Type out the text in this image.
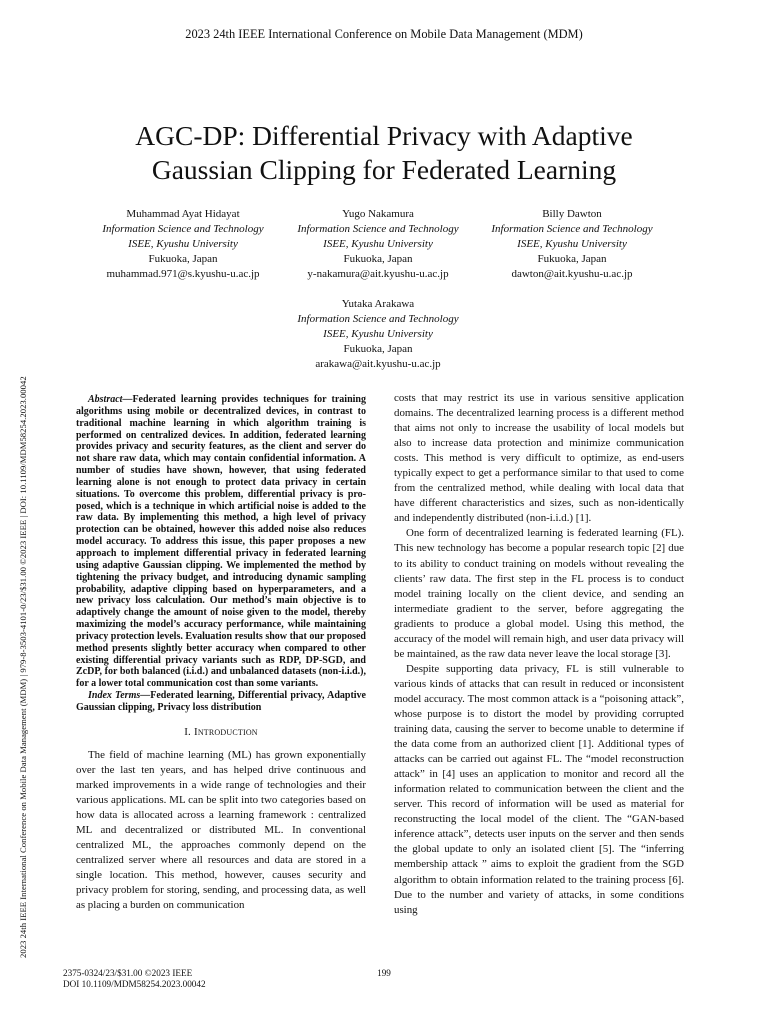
2023 24th IEEE International Conference on Mobile Data Management (MDM)
2023 24th IEEE International Conference on Mobile Data Management (MDM) | 979-8-3503-4101-0/23/$31.00 ©2023 IEEE | DOI: 10.1109/MDM58254.2023.00042
AGC-DP: Differential Privacy with Adaptive
Gaussian Clipping for Federated Learning
Muhammad Ayat Hidayat
Information Science and Technology
ISEE, Kyushu University
Fukuoka, Japan
muhammad.971@s.kyushu-u.ac.jp
Yugo Nakamura
Information Science and Technology
ISEE, Kyushu University
Fukuoka, Japan
y-nakamura@ait.kyushu-u.ac.jp
Billy Dawton
Information Science and Technology
ISEE, Kyushu University
Fukuoka, Japan
dawton@ait.kyushu-u.ac.jp
Yutaka Arakawa
Information Science and Technology
ISEE, Kyushu University
Fukuoka, Japan
arakawa@ait.kyushu-u.ac.jp

Abstract—Federated learning provides techniques for training algorithms using mobile or decentralized devices, in contrast to traditional machine learning in which algorithm training is performed on centralized devices. In addition, federated learning provides privacy and security features, as the client and server do not share raw data, which may contain confidential information. A number of studies have shown, however, that using federated learning alone is not enough to protect data privacy in certain situations. To overcome this problem, differential privacy is proposed, which is a technique in which artificial noise is added to the raw data. By implementing this method, a high level of privacy protection can be obtained, however this added noise also reduces model accuracy. To address this issue, this paper proposes a new approach to implement differential privacy in federated learning using adaptive Gaussian clipping. We implemented the method by tightening the privacy budget, and introducing dynamic sampling probability, adaptive clipping based on hyperparameters, and a new privacy loss calculation. Our method’s main objective is to adaptively change the amount of noise given to the model, thereby maximizing the model’s accuracy performance, while maintaining privacy protection levels. Evaluation results show that our proposed method presents slightly better accuracy when compared to other existing differential privacy variants such as RDP, DP-SGD, and ZcDP, for both balanced (i.i.d.) and unbalanced datasets (non-i.i.d.), for a lower total communication cost than some variants.

Index Terms—Federated learning, Differential privacy, Adaptive Gaussian clipping, Privacy loss distribution

I. Introduction

The field of machine learning (ML) has grown exponentially over the last ten years, and has helped drive continuous and marked improvements in a wide range of technologies and their various applications. ML can be split into two categories based on how data is allocated across a learning framework : centralized ML and decentralized or distributed ML. In conventional centralized ML, the approaches commonly depend on the centralized server where all resources and data are stored in a single location. This method, however, causes security and privacy problem for storing, sending, and processing data, as well as placing a burden on communication

costs that may restrict its use in various sensitive application domains. The decentralized learning process is a different method that aims not only to increase the usability of local models but also to increase data protection and minimize communication costs. This method is very difficult to optimize, as end-users typically expect to get a performance similar to that used to come from the centralized method, while dealing with local data that have different characteristics and sizes, such as non-identically and independently distributed (non-i.i.d.) [1].

One form of decentralized learning is federated learning (FL). This new technology has become a popular research topic [2] due to its ability to conduct training on models without revealing the clients’ raw data. The first step in the FL process is to conduct model training locally on the client device, and sending an intermediate gradient to the server, before aggregating the gradients to produce a global model. Using this method, the accuracy of the model will remain high, and user data privacy will be maintained, as the raw data never leave the local storage [3].

Despite supporting data privacy, FL is still vulnerable to various kinds of attacks that can result in reduced or inconsistent model accuracy. The most common attack is a “poisoning attack”, whose purpose is to distort the model by providing corrupted training data, causing the server to become unable to determine if the data come from an authorized client [1]. Additional types of attacks can be carried out against FL. The “model reconstruction attack” in [4] uses an application to monitor and record all the information related to communication between the client and the server. This record of information will be used as material for reconstructing the local model of the client. The “GAN-based inference attack”, detects user inputs on the server and then sends the global update to only an isolated client [5]. The “inferring membership attack ” aims to exploit the gradient from the SGD algorithm to obtain information related to the training process [6]. Due to the number and variety of attacks, in some conditions using

2375-0324/23/$31.00 ©2023 IEEE
DOI 10.1109/MDM58254.2023.00042
199
